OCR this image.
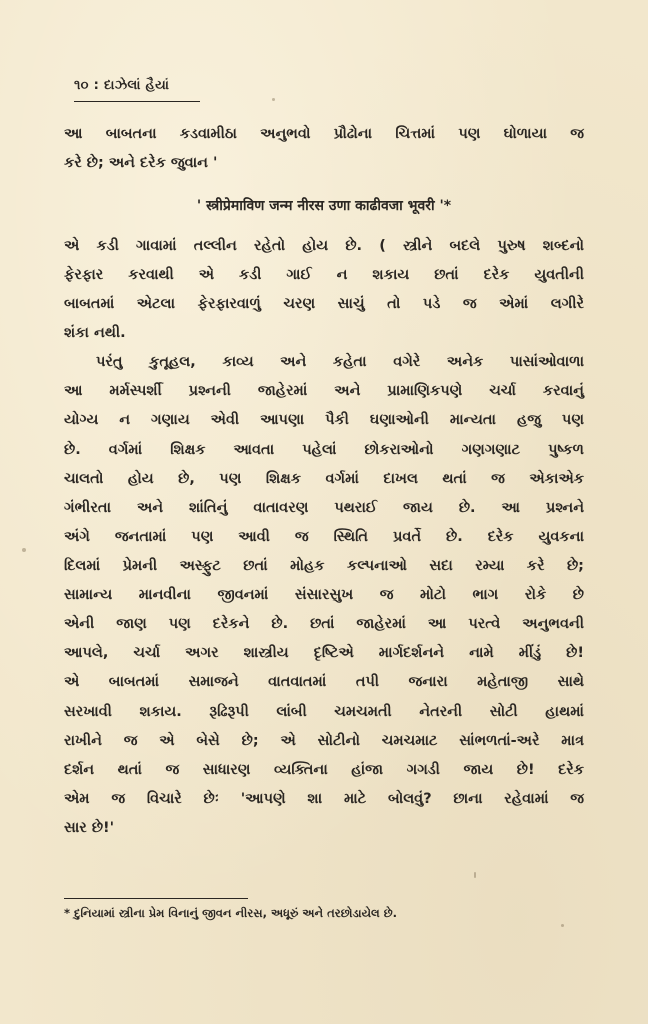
૧૦ : દાઝેલાં હૈયાં
આ બાબતના કડવામીઠા અનુભવો પ્રૌઢોના ચિત્તમાં પણ ઘોળાયા જ
કરે છે; અને દરેક જુવાન '
' स्त्रीप्रेमाविण जन्म नीरस उणा काढीवजा भूवरी '*
એ કડી ગાવામાં તલ્લીન રહેતો હોય છે. ( સ્ત્રીને બદલે પુરુષ શબ્દનો
ફેરફાર કરવાથી એ કડી ગાઈ ન શકાય છતાં દરેક યુવતીની
બાબતમાં એટલા ફેરફારવાળું ચરણ સાચું તો પડે જ એમાં લગીરે
શંકા નથી.
પરંતુ કુતૂહલ, કાવ્ય અને કહેતા વગેરે અનેક પાસાંઓવાળા
આ મર્મસ્પર્શી પ્રશ્નની જાહેરમાં અને પ્રામાણિકપણે ચર્ચા કરવાનું
યોગ્ય ન ગણાય એવી આપણા પૈકી ઘણાઓની માન્યતા હજુ પણ
છે. વર્ગમાં શિક્ષક આવતા પહેલાં છોકરાઓનો ગણગણાટ પુષ્કળ
ચાલતો હોય છે, પણ શિક્ષક વર્ગમાં દાખલ થતાં જ એકાએક
ગંભીરતા અને શાંતિનું વાતાવરણ પથરાઈ જાય છે. આ પ્રશ્નને
અંગે જનતામાં પણ આવી જ સ્થિતિ પ્રવર્તે છે. દરેક યુવકના
દિલમાં પ્રેમની અસ્ફુટ છતાં મોહક કલ્પનાઓ સદા રમ્યા કરે છે;
સામાન્ય માનવીના જીવનમાં સંસારસુખ જ મોટો ભાગ રોકે છે
એની જાણ પણ દરેકને છે. છતાં જાહેરમાં આ પરત્વે અનુભવની
આપલે, ચર્ચા અગર શાસ્ત્રીય દૃષ્ટિએ માર્ગદર્શનને નામે મીંડું છે!
એ બાબતમાં સમાજને વાતવાતમાં તપી જનારા મહેતાજી સાથે
સરખાવી શકાય. રૂઢિરૂપી લાંબી ચમચમતી નેતરની સોટી હાથમાં
રાખીને જ એ બેસે છે; એ સોટીનો ચમચમાટ સાંભળતાં-અરે માત્ર
દર્શન થતાં જ સાધારણ વ્યક્તિના હાંજા ગગડી જાય છે! દરેક
એમ જ વિચારે છેઃ 'આપણે શા માટે બોલવું? છાના રહેવામાં જ
સાર છે!'
* દુનિયામાં સ્ત્રીના પ્રેમ વિનાનું જીવન નીરસ, અધૂરું અને તરછોડાયેલ છે.
